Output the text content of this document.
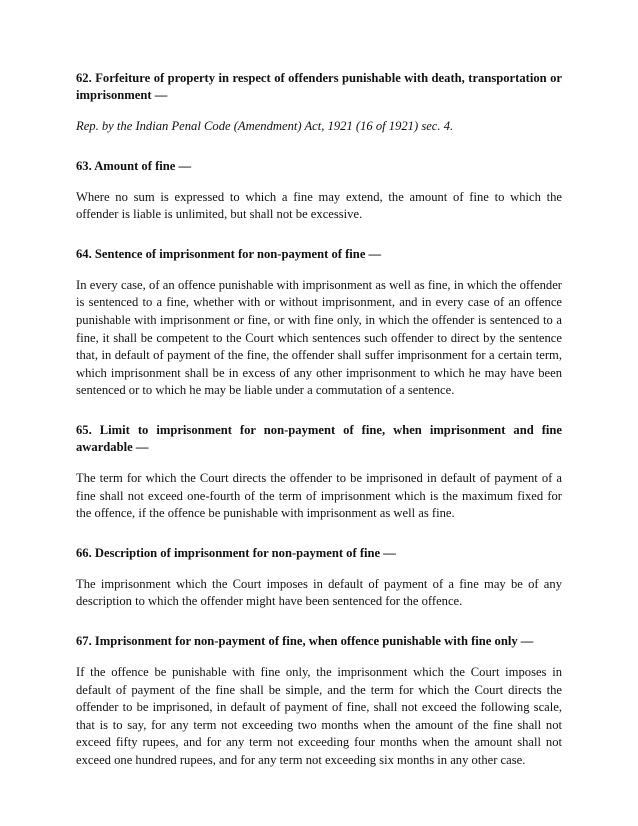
62. Forfeiture of property in respect of offenders punishable with death, transportation or imprisonment —

Rep. by the Indian Penal Code (Amendment) Act, 1921 (16 of 1921) sec. 4.

63. Amount of fine —

Where no sum is expressed to which a fine may extend, the amount of fine to which the offender is liable is unlimited, but shall not be excessive.

64. Sentence of imprisonment for non-payment of fine —

In every case, of an offence punishable with imprisonment as well as fine, in which the offender is sentenced to a fine, whether with or without imprisonment, and in every case of an offence punishable with imprisonment or fine, or with fine only, in which the offender is sentenced to a fine, it shall be competent to the Court which sentences such offender to direct by the sentence that, in default of payment of the fine, the offender shall suffer imprisonment for a certain term, which imprisonment shall be in excess of any other imprisonment to which he may have been sentenced or to which he may be liable under a commutation of a sentence.

65. Limit to imprisonment for non-payment of fine, when imprisonment and fine awardable —

The term for which the Court directs the offender to be imprisoned in default of payment of a fine shall not exceed one-fourth of the term of imprisonment which is the maximum fixed for the offence, if the offence be punishable with imprisonment as well as fine.

66. Description of imprisonment for non-payment of fine —

The imprisonment which the Court imposes in default of payment of a fine may be of any description to which the offender might have been sentenced for the offence.

67. Imprisonment for non-payment of fine, when offence punishable with fine only —

If the offence be punishable with fine only, the imprisonment which the Court imposes in default of payment of the fine shall be simple, and the term for which the Court directs the offender to be imprisoned, in default of payment of fine, shall not exceed the following scale, that is to say, for any term not exceeding two months when the amount of the fine shall not exceed fifty rupees, and for any term not exceeding four months when the amount shall not exceed one hundred rupees, and for any term not exceeding six months in any other case.
